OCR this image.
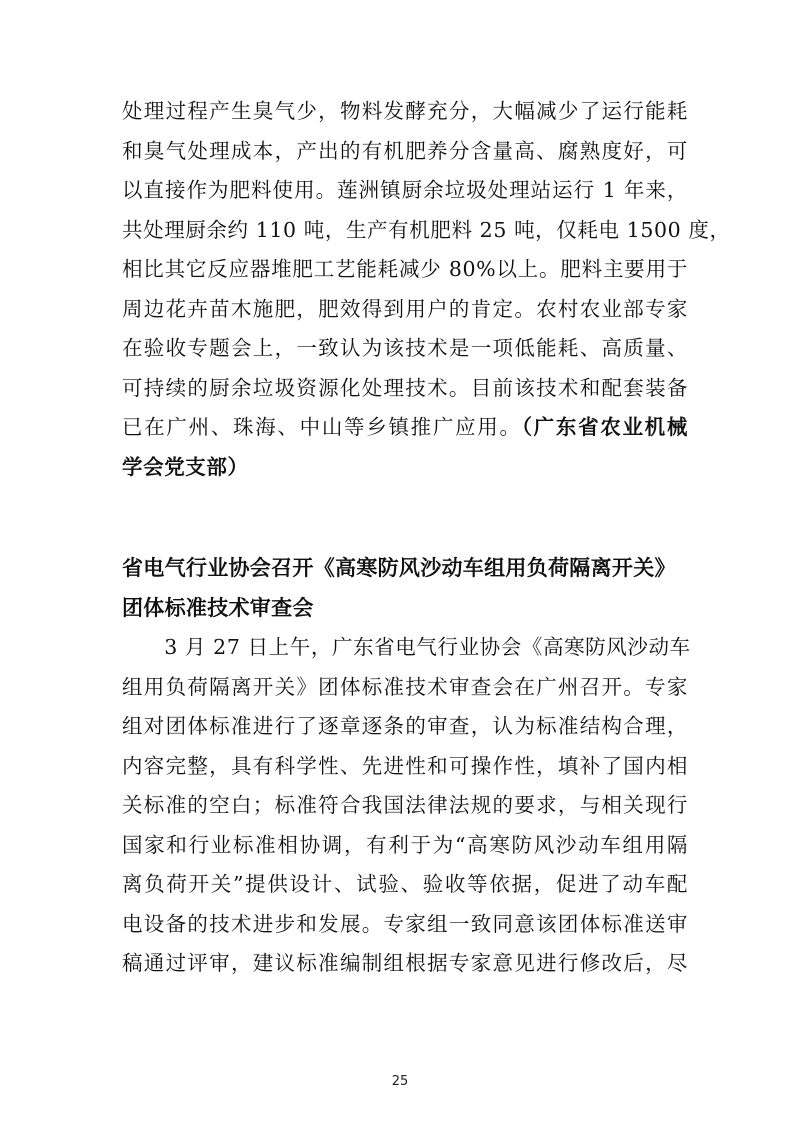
处理过程产生臭气少，物料发酵充分，大幅减少了运行能耗
和臭气处理成本，产出的有机肥养分含量高、腐熟度好，可
以直接作为肥料使用。莲洲镇厨余垃圾处理站运行 1 年来，
共处理厨余约 110 吨，生产有机肥料 25 吨，仅耗电 1500 度，
相比其它反应器堆肥工艺能耗减少 80%以上。肥料主要用于
周边花卉苗木施肥，肥效得到用户的肯定。农村农业部专家
在验收专题会上，一致认为该技术是一项低能耗、高质量、
可持续的厨余垃圾资源化处理技术。目前该技术和配套装备
已在广州、珠海、中山等乡镇推广应用。（广东省农业机械
学会党支部）

省电气行业协会召开《高寒防风沙动车组用负荷隔离开关》
团体标准技术审查会

　　3 月 27 日上午，广东省电气行业协会《高寒防风沙动车
组用负荷隔离开关》团体标准技术审查会在广州召开。专家
组对团体标准进行了逐章逐条的审查，认为标准结构合理，
内容完整，具有科学性、先进性和可操作性，填补了国内相
关标准的空白；标准符合我国法律法规的要求，与相关现行
国家和行业标准相协调，有利于为“高寒防风沙动车组用隔
离负荷开关”提供设计、试验、验收等依据，促进了动车配
电设备的技术进步和发展。专家组一致同意该团体标准送审
稿通过评审，建议标准编制组根据专家意见进行修改后，尽

25
